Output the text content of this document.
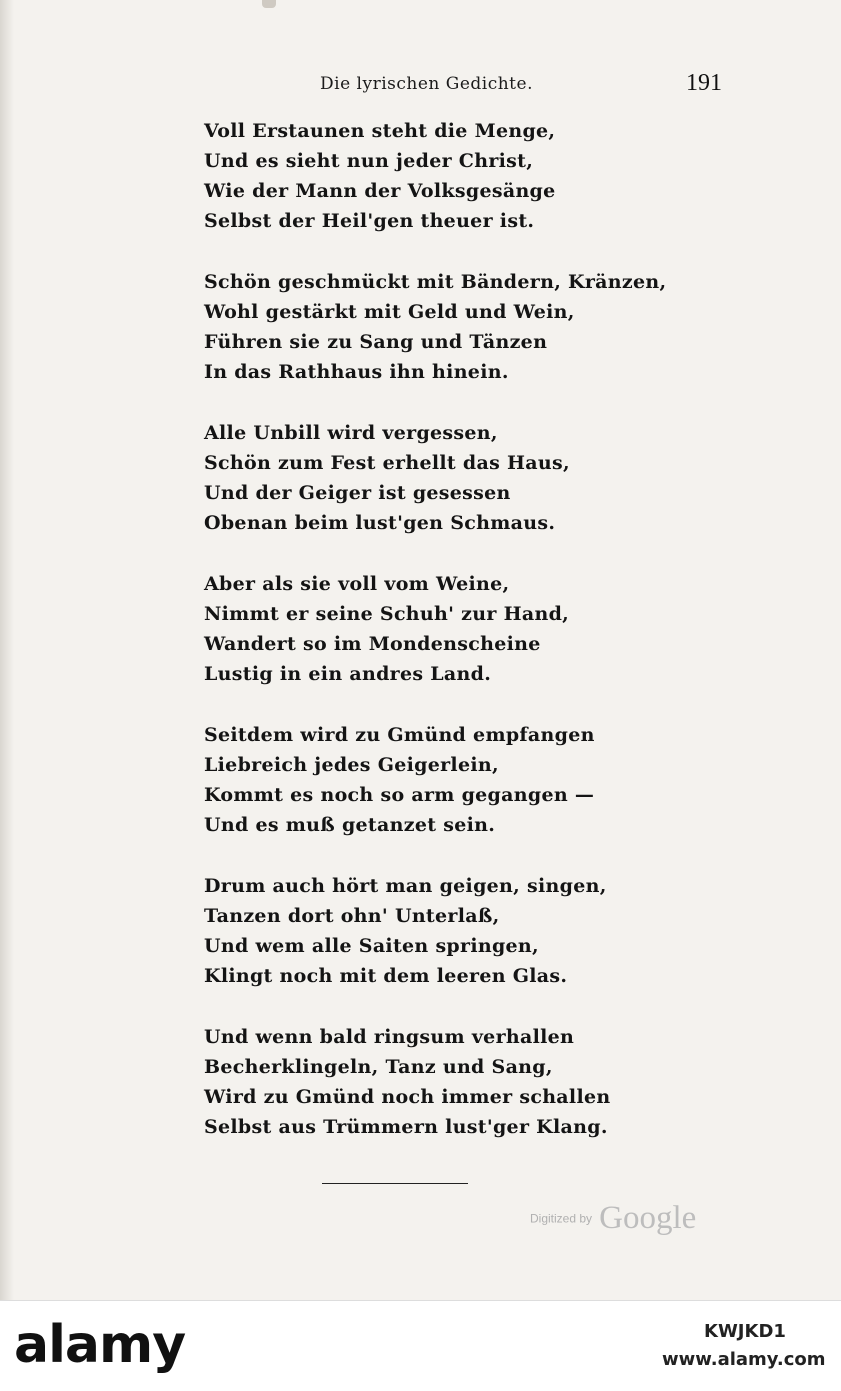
Die lyrischen Gedichte.	191
Voll Erstaunen steht die Menge,
Und es sieht nun jeder Christ,
Wie der Mann der Volksgesänge
Selbst der Heil'gen theuer ist.
Schön geschmückt mit Bändern, Kränzen,
Wohl gestärkt mit Geld und Wein,
Führen sie zu Sang und Tänzen
In das Rathhaus ihn hinein.
Alle Unbill wird vergessen,
Schön zum Fest erhellt das Haus,
Und der Geiger ist gesessen
Obenan beim lust'gen Schmaus.
Aber als sie voll vom Weine,
Nimmt er seine Schuh' zur Hand,
Wandert so im Mondenscheine
Lustig in ein andres Land.
Seitdem wird zu Gmünd empfangen
Liebreich jedes Geigerlein,
Kommt es noch so arm gegangen —
Und es muß getanzet sein.
Drum auch hört man geigen, singen,
Tanzen dort ohn' Unterlaß,
Und wem alle Saiten springen,
Klingt noch mit dem leeren Glas.
Und wenn bald ringsum verhallen
Becherklingeln, Tanz und Sang,
Wird zu Gmünd noch immer schallen
Selbst aus Trümmern lust'ger Klang.
Digitized by Google
alamy	KWJKD1
www.alamy.com
